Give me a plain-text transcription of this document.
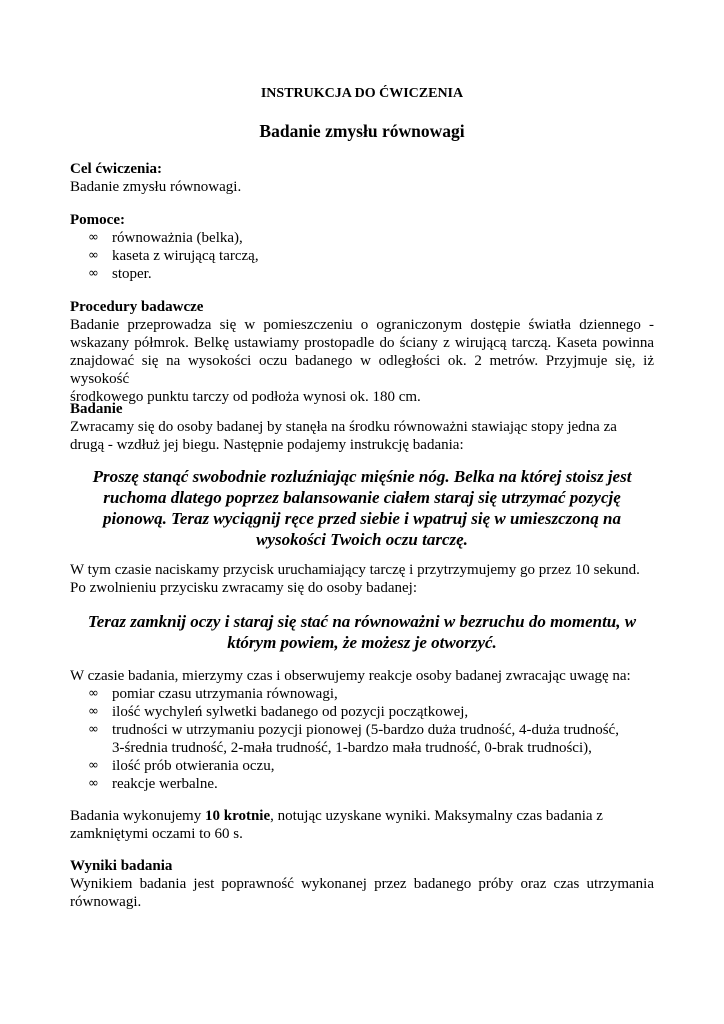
INSTRUKCJA DO ĆWICZENIA
Badanie zmysłu równowagi
Cel ćwiczenia:
Badanie zmysłu równowagi.
Pomoce:
∞ równoważnia (belka),
∞ kaseta z wirującą tarczą,
∞ stoper.
Procedury badawcze
Badanie przeprowadza się w pomieszczeniu o ograniczonym dostępie światła dziennego -
wskazany półmrok. Belkę ustawiamy prostopadle do ściany z wirującą tarczą. Kaseta powinna
znajdować się na wysokości oczu badanego w odległości ok. 2 metrów. Przyjmuje się, iż wysokość
środkowego punktu tarczy od podłoża wynosi ok. 180 cm.
Badanie
Zwracamy się do osoby badanej by stanęła na środku równoważni stawiając stopy jedna za
drugą - wzdłuż jej biegu. Następnie podajemy instrukcję badania:
Proszę stanąć swobodnie rozluźniając mięśnie nóg. Belka na której stoisz jest
ruchoma dlatego poprzez balansowanie ciałem staraj się utrzymać pozycję
pionową. Teraz wyciągnij ręce przed siebie i wpatruj się w umieszczoną na
wysokości Twoich oczu tarczę.
W tym czasie naciskamy przycisk uruchamiający tarczę i przytrzymujemy go przez 10 sekund.
Po zwolnieniu przycisku zwracamy się do osoby badanej:
Teraz zamknij oczy i staraj się stać na równoważni w bezruchu do momentu, w
którym powiem, że możesz je otworzyć.
W czasie badania, mierzymy czas i obserwujemy reakcje osoby badanej zwracając uwagę na:
∞ pomiar czasu utrzymania równowagi,
∞ ilość wychyleń sylwetki badanego od pozycji początkowej,
∞ trudności w utrzymaniu pozycji pionowej (5-bardzo duża trudność, 4-duża trudność,
3-średnia trudność, 2-mała trudność, 1-bardzo mała trudność, 0-brak trudności),
∞ ilość prób otwierania oczu,
∞ reakcje werbalne.
Badania wykonujemy 10 krotnie, notując uzyskane wyniki. Maksymalny czas badania z
zamkniętymi oczami to 60 s.
Wyniki badania
Wynikiem badania jest poprawność wykonanej przez badanego próby oraz czas utrzymania
równowagi.
